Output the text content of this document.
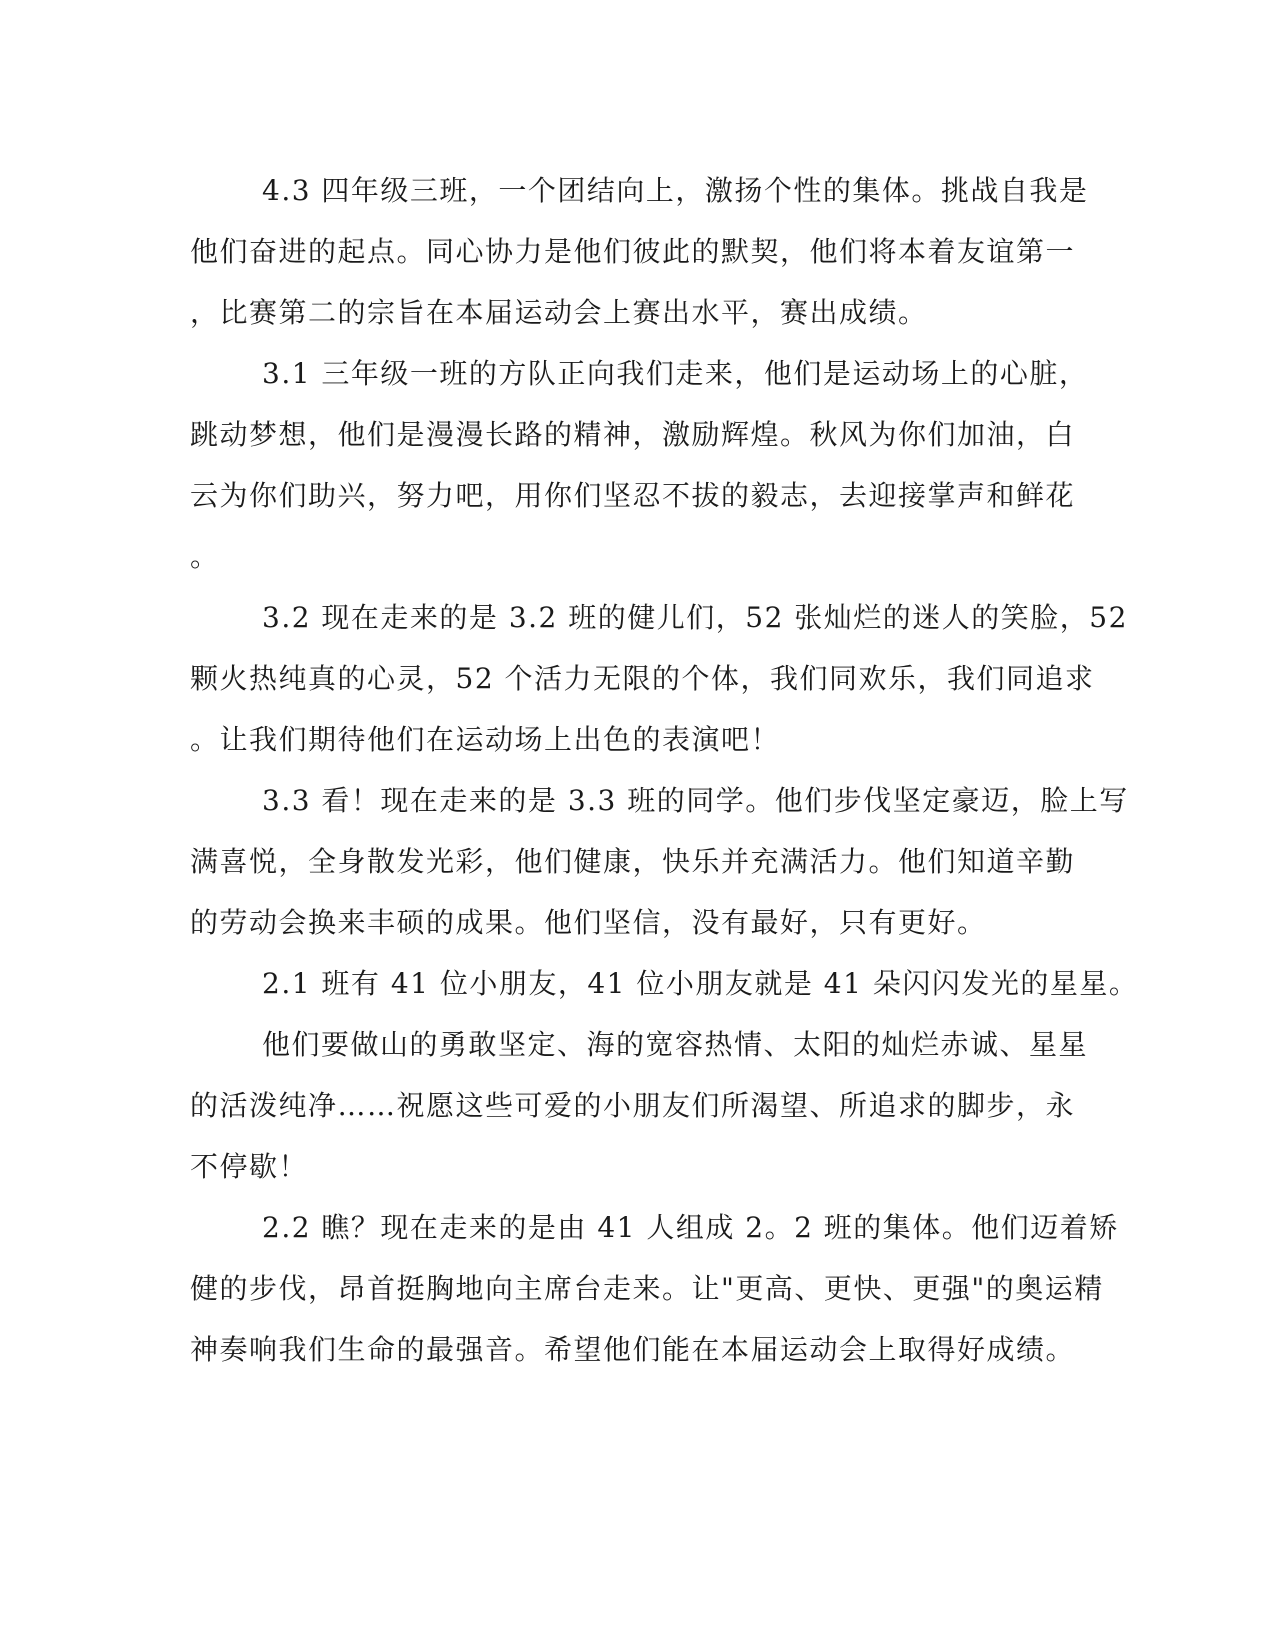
4.3 四年级三班，一个团结向上，激扬个性的集体。挑战自我是
他们奋进的起点。同心协力是他们彼此的默契，他们将本着友谊第一
，比赛第二的宗旨在本届运动会上赛出水平，赛出成绩。
3.1 三年级一班的方队正向我们走来，他们是运动场上的心脏，
跳动梦想，他们是漫漫长路的精神，激励辉煌。秋风为你们加油，白
云为你们助兴，努力吧，用你们坚忍不拔的毅志，去迎接掌声和鲜花
。
3.2 现在走来的是 3.2 班的健儿们，52 张灿烂的迷人的笑脸，52
颗火热纯真的心灵，52 个活力无限的个体，我们同欢乐，我们同追求
。让我们期待他们在运动场上出色的表演吧！
3.3 看！现在走来的是 3.3 班的同学。他们步伐坚定豪迈，脸上写
满喜悦，全身散发光彩，他们健康，快乐并充满活力。他们知道辛勤
的劳动会换来丰硕的成果。他们坚信，没有最好，只有更好。
2.1 班有 41 位小朋友，41 位小朋友就是 41 朵闪闪发光的星星。
他们要做山的勇敢坚定、海的宽容热情、太阳的灿烂赤诚、星星
的活泼纯净……祝愿这些可爱的小朋友们所渴望、所追求的脚步，永
不停歇！
2.2 瞧？现在走来的是由 41 人组成 2。2 班的集体。他们迈着矫
健的步伐，昂首挺胸地向主席台走来。让"更高、更快、更强"的奥运精
神奏响我们生命的最强音。希望他们能在本届运动会上取得好成绩。
